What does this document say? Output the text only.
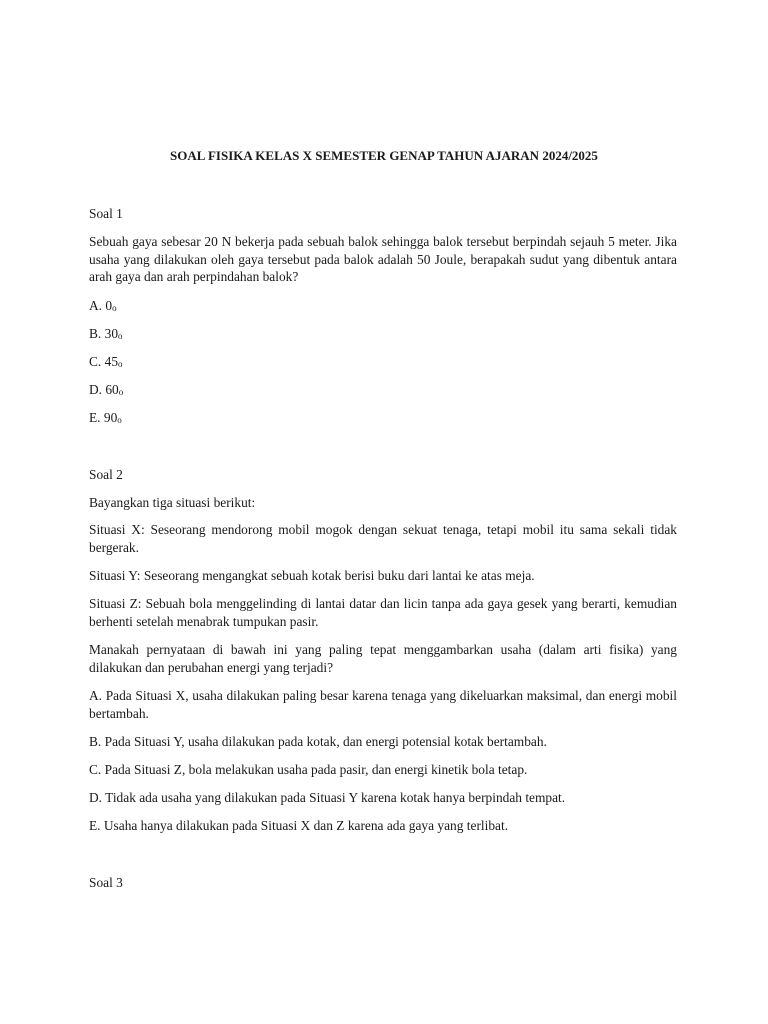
SOAL FISIKA KELAS X SEMESTER GENAP TAHUN AJARAN 2024/2025

Soal 1

Sebuah gaya sebesar 20 N bekerja pada sebuah balok sehingga balok tersebut berpindah sejauh 5 meter. Jika usaha yang dilakukan oleh gaya tersebut pada balok adalah 50 Joule, berapakah sudut yang dibentuk antara arah gaya dan arah perpindahan balok?

A. 0o

B. 30o

C. 45o

D. 60o

E. 90o

Soal 2

Bayangkan tiga situasi berikut:

Situasi X: Seseorang mendorong mobil mogok dengan sekuat tenaga, tetapi mobil itu sama sekali tidak bergerak.

Situasi Y: Seseorang mengangkat sebuah kotak berisi buku dari lantai ke atas meja.

Situasi Z: Sebuah bola menggelinding di lantai datar dan licin tanpa ada gaya gesek yang berarti, kemudian berhenti setelah menabrak tumpukan pasir.

Manakah pernyataan di bawah ini yang paling tepat menggambarkan usaha (dalam arti fisika) yang dilakukan dan perubahan energi yang terjadi?

A. Pada Situasi X, usaha dilakukan paling besar karena tenaga yang dikeluarkan maksimal, dan energi mobil bertambah.

B. Pada Situasi Y, usaha dilakukan pada kotak, dan energi potensial kotak bertambah.

C. Pada Situasi Z, bola melakukan usaha pada pasir, dan energi kinetik bola tetap.

D. Tidak ada usaha yang dilakukan pada Situasi Y karena kotak hanya berpindah tempat.

E. Usaha hanya dilakukan pada Situasi X dan Z karena ada gaya yang terlibat.

Soal 3
